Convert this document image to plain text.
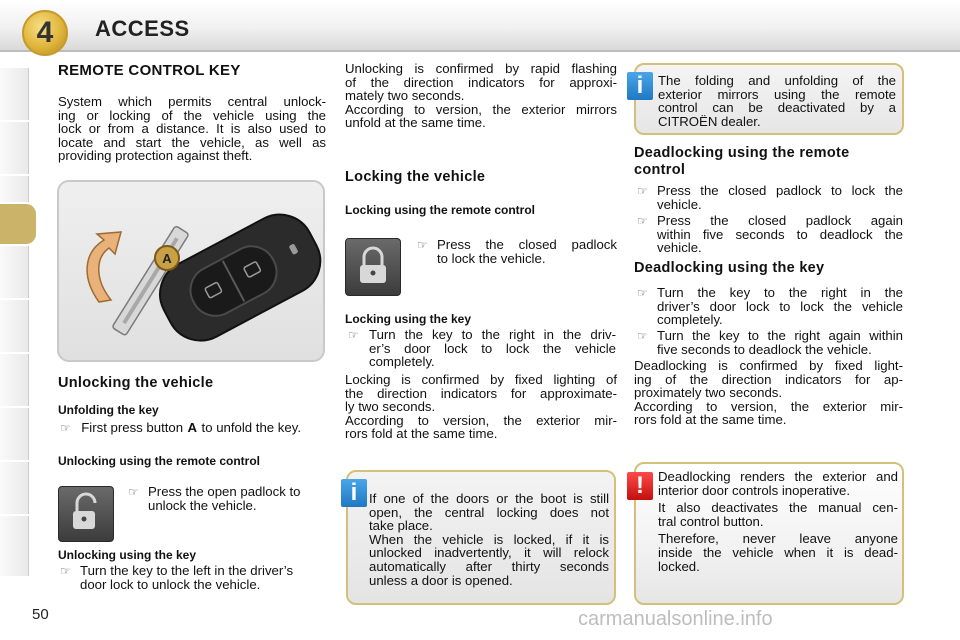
4	ACCESS
REMOTE CONTROL KEY
System which permits central unlock-
ing or locking of the vehicle using the
lock or from a distance. It is also used to
locate and start the vehicle, as well as
providing protection against theft.
A
Unlocking the vehicle
Unfolding the key
☞ First press button A to unfold the key.
Unlocking using the remote control
☞ Press the open padlock to
unlock the vehicle.
Unlocking using the key
☞ Turn the key to the left in the driver’s
door lock to unlock the vehicle.
Unlocking is confirmed by rapid flashing
of the direction indicators for approxi-
mately two seconds.
According to version, the exterior mirrors
unfold at the same time.
Locking the vehicle
Locking using the remote control
☞ Press the closed padlock
to lock the vehicle.
Locking using the key
☞ Turn the key to the right in the driv-
er’s door lock to lock the vehicle
completely.
Locking is confirmed by fixed lighting of
the direction indicators for approximate-
ly two seconds.
According to version, the exterior mir-
rors fold at the same time.
i If one of the doors or the boot is still
open, the central locking does not
take place.
When the vehicle is locked, if it is
unlocked inadvertently, it will relock
automatically after thirty seconds
unless a door is opened.
i	The folding and unfolding of the
exterior mirrors using the remote
control can be deactivated by a
CITROËN dealer.
Deadlocking using the remote
control
☞ Press the closed padlock to lock the
vehicle.
☞ Press the closed padlock again
within five seconds to deadlock the
vehicle.
Deadlocking using the key
☞ Turn the key to the right in the
driver’s door lock to lock the vehicle
completely.
☞ Turn the key to the right again within
five seconds to deadlock the vehicle.
Deadlocking is confirmed by fixed light-
ing of the direction indicators for ap-
proximately two seconds.
According to version, the exterior mir-
rors fold at the same time.
!	Deadlocking renders the exterior and
interior door controls inoperative.
It also deactivates the manual cen-
tral control button.
Therefore, never leave anyone
inside the vehicle when it is dead-
locked.
50	carmanualsonline.info
